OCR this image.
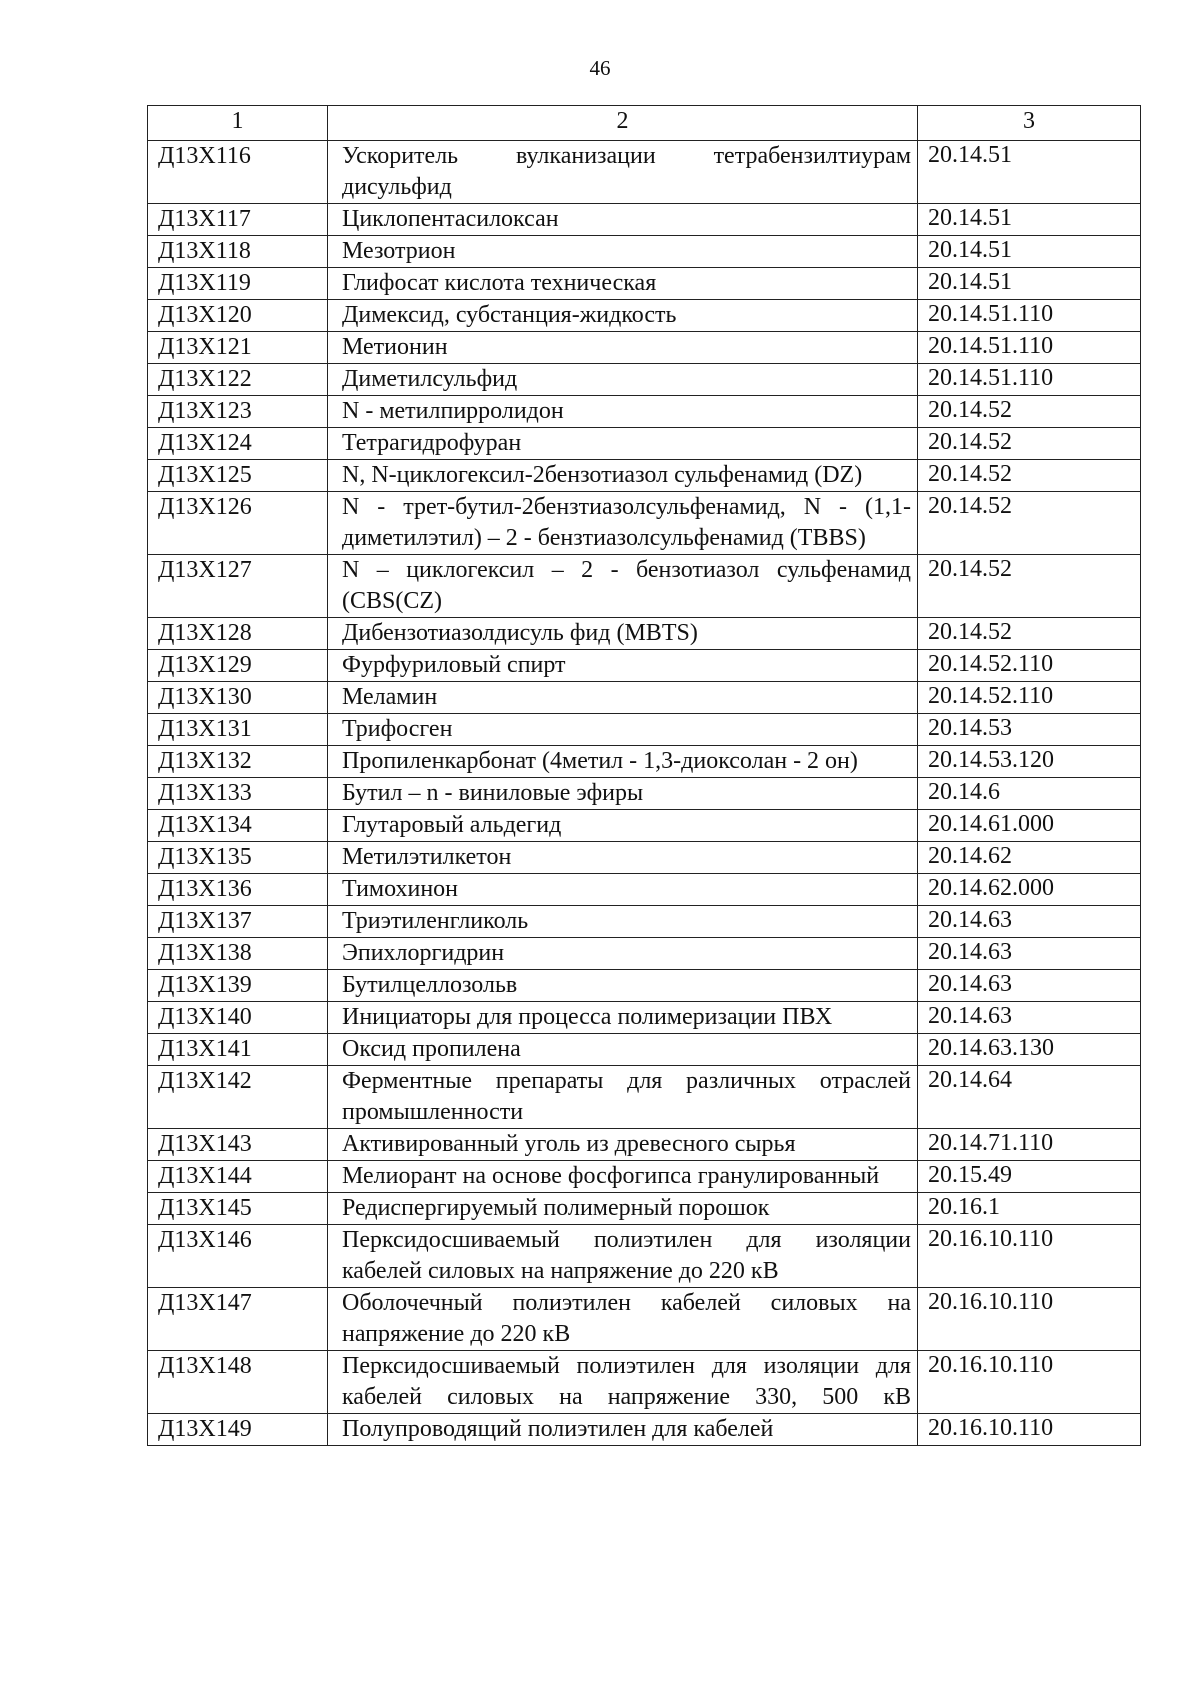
46
1	2	3
Д13Х116	Ускоритель вулканизации тетрабензилтиурам дисульфид	20.14.51
Д13Х117	Циклопентасилоксан	20.14.51
Д13Х118	Мезотрион	20.14.51
Д13Х119	Глифосат кислота техническая	20.14.51
Д13Х120	Димексид, субстанция-жидкость	20.14.51.110
Д13Х121	Метионин	20.14.51.110
Д13Х122	Диметилсульфид	20.14.51.110
Д13Х123	N - метилпирролидон	20.14.52
Д13Х124	Тетрагидрофуран	20.14.52
Д13Х125	N, N-циклогексил-2бензотиазол сульфенамид (DZ)	20.14.52
Д13Х126	N - трет-бутил-2бензтиазолсульфенамид, N - (1,1-диметилэтил) – 2 - бензтиазолсульфенамид (TBBS)	20.14.52
Д13Х127	N – циклогексил – 2 - бензотиазол сульфенамид (CBS(CZ)	20.14.52
Д13Х128	Дибензотиазолдисуль фид (MBTS)	20.14.52
Д13Х129	Фурфуриловый спирт	20.14.52.110
Д13Х130	Меламин	20.14.52.110
Д13Х131	Трифосген	20.14.53
Д13Х132	Пропиленкарбонат (4метил - 1,3-диоксолан - 2 он)	20.14.53.120
Д13Х133	Бутил – n - виниловые эфиры	20.14.6
Д13Х134	Глутаровый альдегид	20.14.61.000
Д13Х135	Метилэтилкетон	20.14.62
Д13Х136	Тимохинон	20.14.62.000
Д13Х137	Триэтиленгликоль	20.14.63
Д13Х138	Эпихлоргидрин	20.14.63
Д13Х139	Бутилцеллозольв	20.14.63
Д13Х140	Инициаторы для процесса полимеризации ПВХ	20.14.63
Д13Х141	Оксид пропилена	20.14.63.130
Д13Х142	Ферментные препараты для различных отраслей промышленности	20.14.64
Д13Х143	Активированный уголь из древесного сырья	20.14.71.110
Д13Х144	Мелиорант на основе фосфогипса гранулированный	20.15.49
Д13Х145	Редиспергируемый полимерный порошок	20.16.1
Д13Х146	Перксидосшиваемый полиэтилен для изоляции кабелей силовых на напряжение до 220 кВ	20.16.10.110
Д13Х147	Оболочечный полиэтилен кабелей силовых на напряжение до 220 кВ	20.16.10.110
Д13Х148	Перксидосшиваемый полиэтилен для изоляции для кабелей силовых на напряжение 330, 500 кВ	20.16.10.110
Д13Х149	Полупроводящий полиэтилен для кабелей	20.16.10.110
